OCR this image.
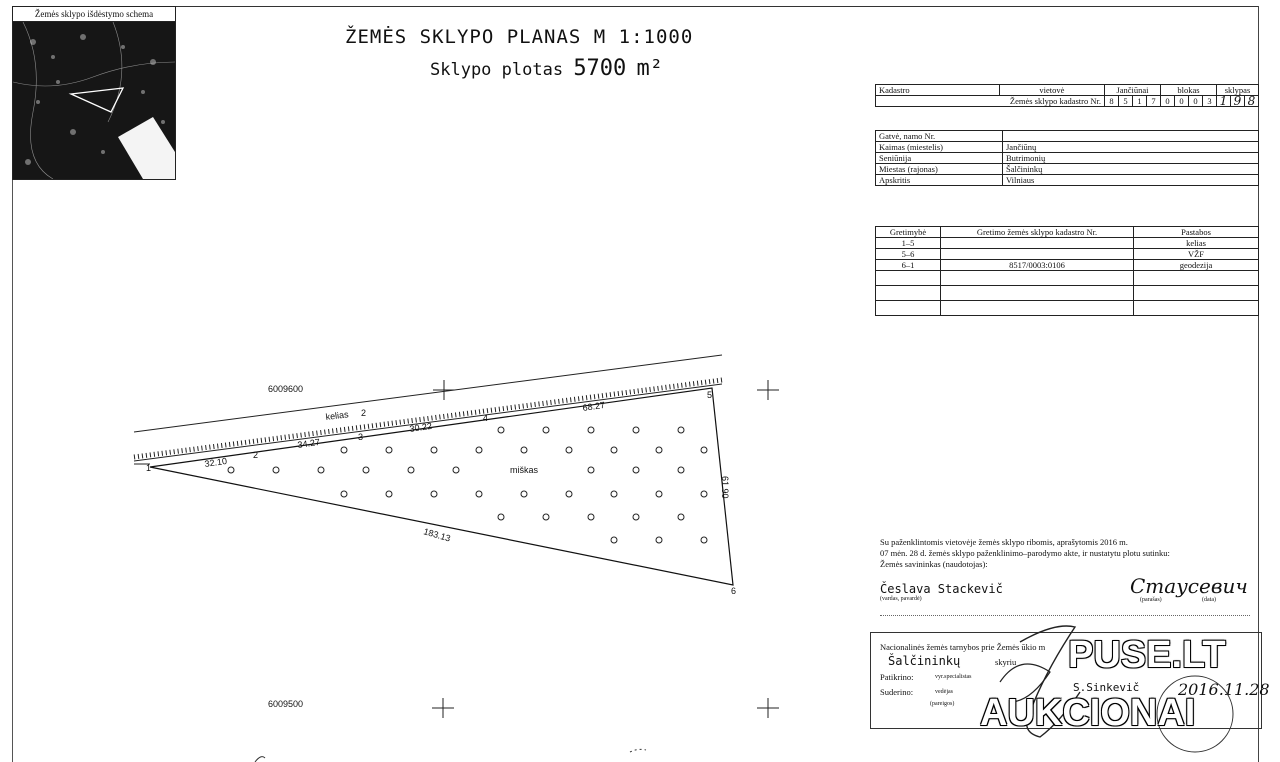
Žemės sklypo išdėstymo schema
ŽEMĖS SKLYPO PLANAS M 1:1000
Sklypo plotas 5700 m²
Kadastro	vietovė	Jančiūnai				blokas				sklypas		
Žemės sklypo kadastro Nr.		8	5	1	7	0	0	0	3	1	9	8
Gatvė, namo Nr.	
Kaimas (miestelis)	Jančiūnų
Seniūnija	Butrimonių
Miestas (rajonas)	Šalčininkų
Apskritis	Vilniaus
Gretimybė	Gretimo žemės sklypo kadastro Nr.	Pastabos
1–5		kelias
5–6		VŽF
6–1	8517/0003:0106	geodezija

6009600
6009500
kelias 2
miškas
1
2
3
4
5
6
32.10
34.27
30.22
68.27
61.90
183.13	Su paženklintomis vietovėje žemės sklypo ribomis, aprašytomis 2016 m.
07 mėn. 28 d. žemės sklypo paženklinimo–parodymo akte, ir nustatytu plotu sutinku:
Žemės savininkas (naudotojas):
Česlava Stackevič
(vardas, pavardė)
Стаусевич
(parašas)	(data)
Nacionalinės žemės tarnybos prie Žemės ūkio m
Šalčininkų	skyriu
Patikrino:	vyr.specialistas
Suderino:	vedėjas
(pareigos)
S.Sinkevič 2016.11.28
PUSE.LT
AUKCIONAI
